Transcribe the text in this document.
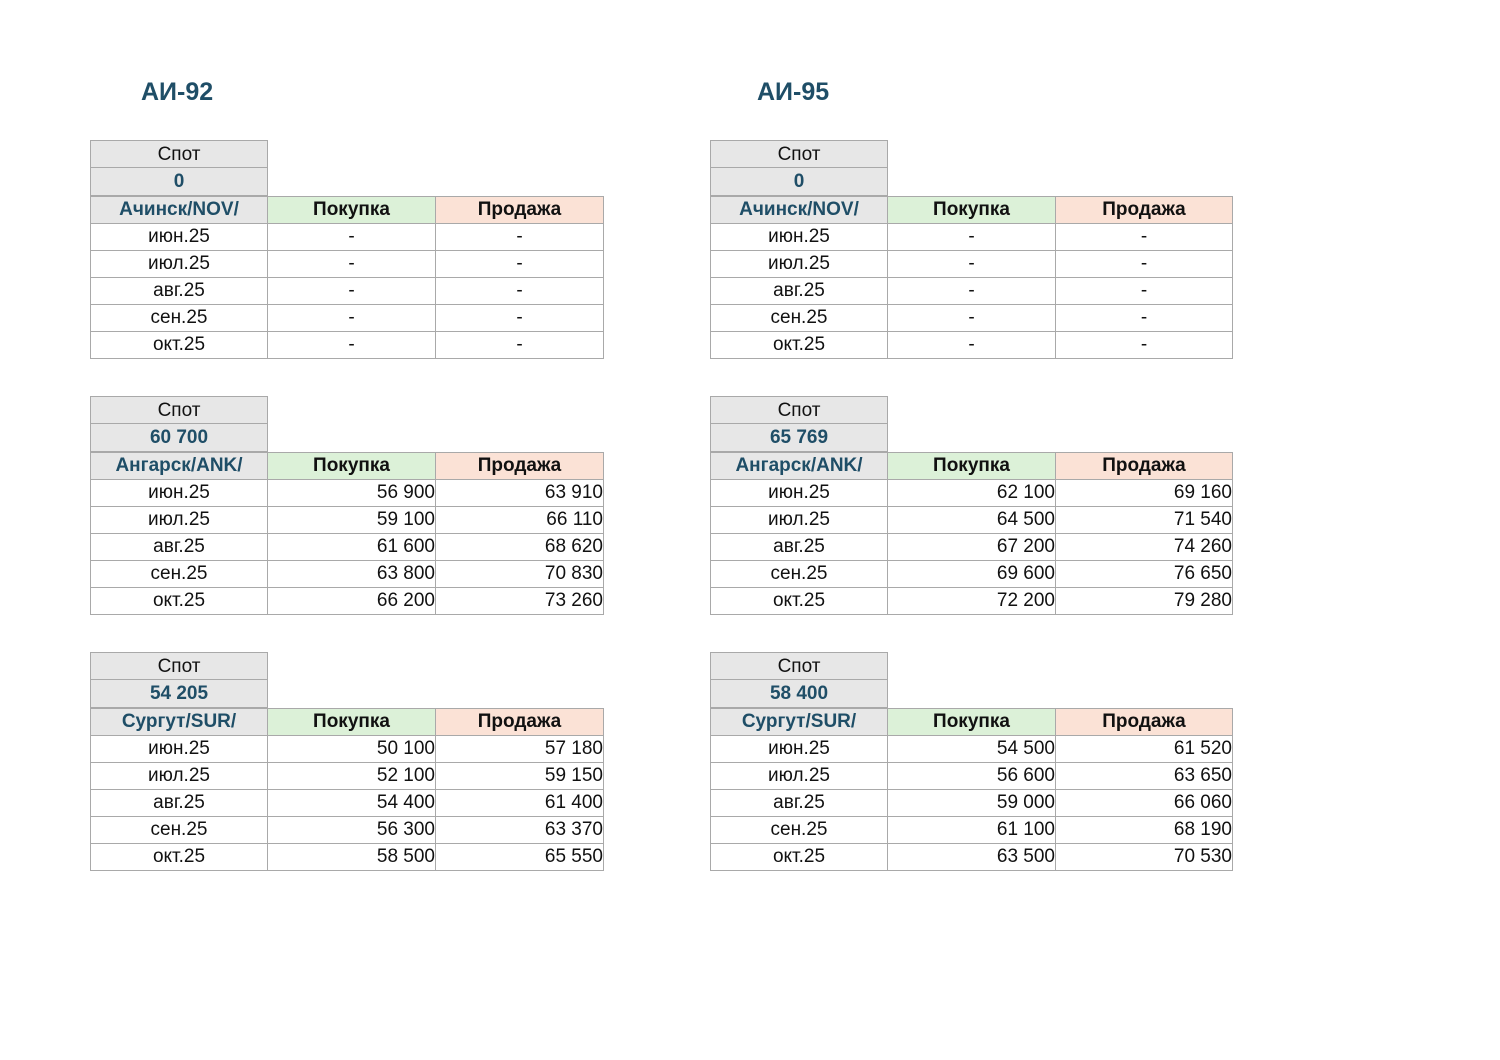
АИ-92	АИ-95
Спот
0
Ачинск/NOV/	Покупка	Продажа
июн.25	-	-
июл.25	-	-
авг.25	-	-
сен.25	-	-
окт.25	-	-
Спот
60 700
Ангарск/ANK/	Покупка	Продажа
июн.25	56 900	63 910
июл.25	59 100	66 110
авг.25	61 600	68 620
сен.25	63 800	70 830
окт.25	66 200	73 260
Спот
54 205
Сургут/SUR/	Покупка	Продажа
июн.25	50 100	57 180
июл.25	52 100	59 150
авг.25	54 400	61 400
сен.25	56 300	63 370
окт.25	58 500	65 550
Спот
0
Ачинск/NOV/	Покупка	Продажа
июн.25	-	-
июл.25	-	-
авг.25	-	-
сен.25	-	-
окт.25	-	-
Спот
65 769
Ангарск/ANK/	Покупка	Продажа
июн.25	62 100	69 160
июл.25	64 500	71 540
авг.25	67 200	74 260
сен.25	69 600	76 650
окт.25	72 200	79 280
Спот
58 400
Сургут/SUR/	Покупка	Продажа
июн.25	54 500	61 520
июл.25	56 600	63 650
авг.25	59 000	66 060
сен.25	61 100	68 190
окт.25	63 500	70 530
